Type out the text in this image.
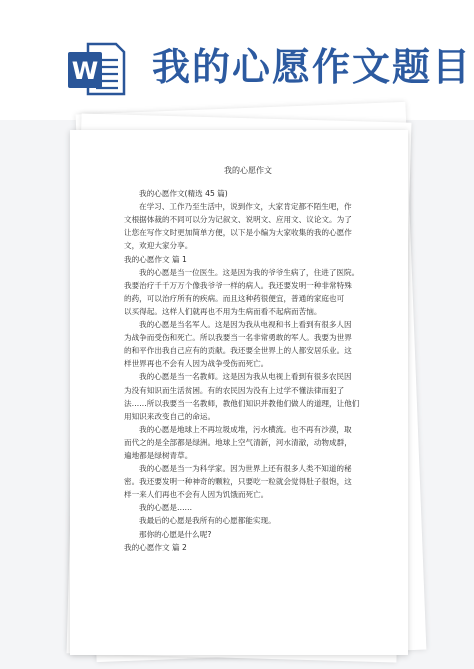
W 我的心愿作文题目
我的心愿作文
我的心愿作文(精选 45 篇)
在学习、工作乃至生活中，说到作文，大家肯定都不陌生吧，作
文根据体裁的不同可以分为记叙文、说明文、应用文、议论文。为了
让您在写作文时更加简单方便，以下是小编为大家收集的我的心愿作
文，欢迎大家分享。
我的心愿作文 篇 1
我的心愿是当一位医生。这是因为我的爷爷生病了，住进了医院。
我要治疗千千万万个像我爷爷一样的病人。我还要发明一种非常特殊
的药，可以治疗所有的疾病。而且这种药很便宜，普通的家庭也可
以买得起。这样人们就再也不用为生病而看不起病而苦恼。
我的心愿是当名军人。这是因为我从电视和书上看到有很多人因
为战争而受伤和死亡。所以我要当一名非常勇敢的军人。我要为世界
的和平作出我自己应有的贡献。我还要全世界上的人都安居乐业。这
样世界再也不会有人因为战争受伤而死亡。
我的心愿是当一名教师。这是因为我从电视上看到有很多农民因
为没有知识而生活贫困。有的农民因为没有上过学不懂法律而犯了
法……所以我要当一名教师，教他们知识并教他们做人的道理，让他们
用知识来改变自己的命运。
我的心愿是地球上不再垃圾成堆，污水横流。也不再有沙漠，取
而代之的是全部都是绿洲。地球上空气清新，河水清澈，动物成群，
遍地都是绿树青草。
我的心愿是当一为科学家。因为世界上还有很多人类不知道的秘
密。我还要发明一种神奇的颗粒，只要吃一粒就会觉得肚子很饱，这
样一来人们再也不会有人因为饥饿而死亡。
我的心愿是……
我最后的心愿是我所有的心愿都能实现。
那你的心愿是什么呢?
我的心愿作文 篇 2
